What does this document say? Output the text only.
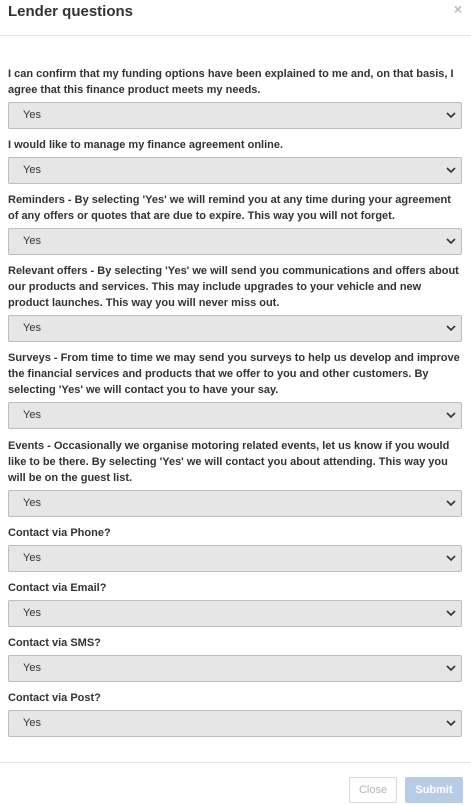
Lender questions	×
I can confirm that my funding options have been explained to me and, on that basis, I agree that this finance product meets my needs.
Yes
I would like to manage my finance agreement online.
Yes
Reminders - By selecting 'Yes' we will remind you at any time during your agreement of any offers or quotes that are due to expire. This way you will not forget.
Yes
Relevant offers - By selecting 'Yes' we will send you communications and offers about our products and services. This may include upgrades to your vehicle and new product launches. This way you will never miss out.
Yes
Surveys - From time to time we may send you surveys to help us develop and improve the financial services and products that we offer to you and other customers. By selecting 'Yes' we will contact you to have your say.
Yes
Events - Occasionally we organise motoring related events, let us know if you would like to be there. By selecting 'Yes' we will contact you about attending. This way you will be on the guest list.
Yes
Contact via Phone?
Yes
Contact via Email?
Yes
Contact via SMS?
Yes
Contact via Post?
Yes
Close	Submit
